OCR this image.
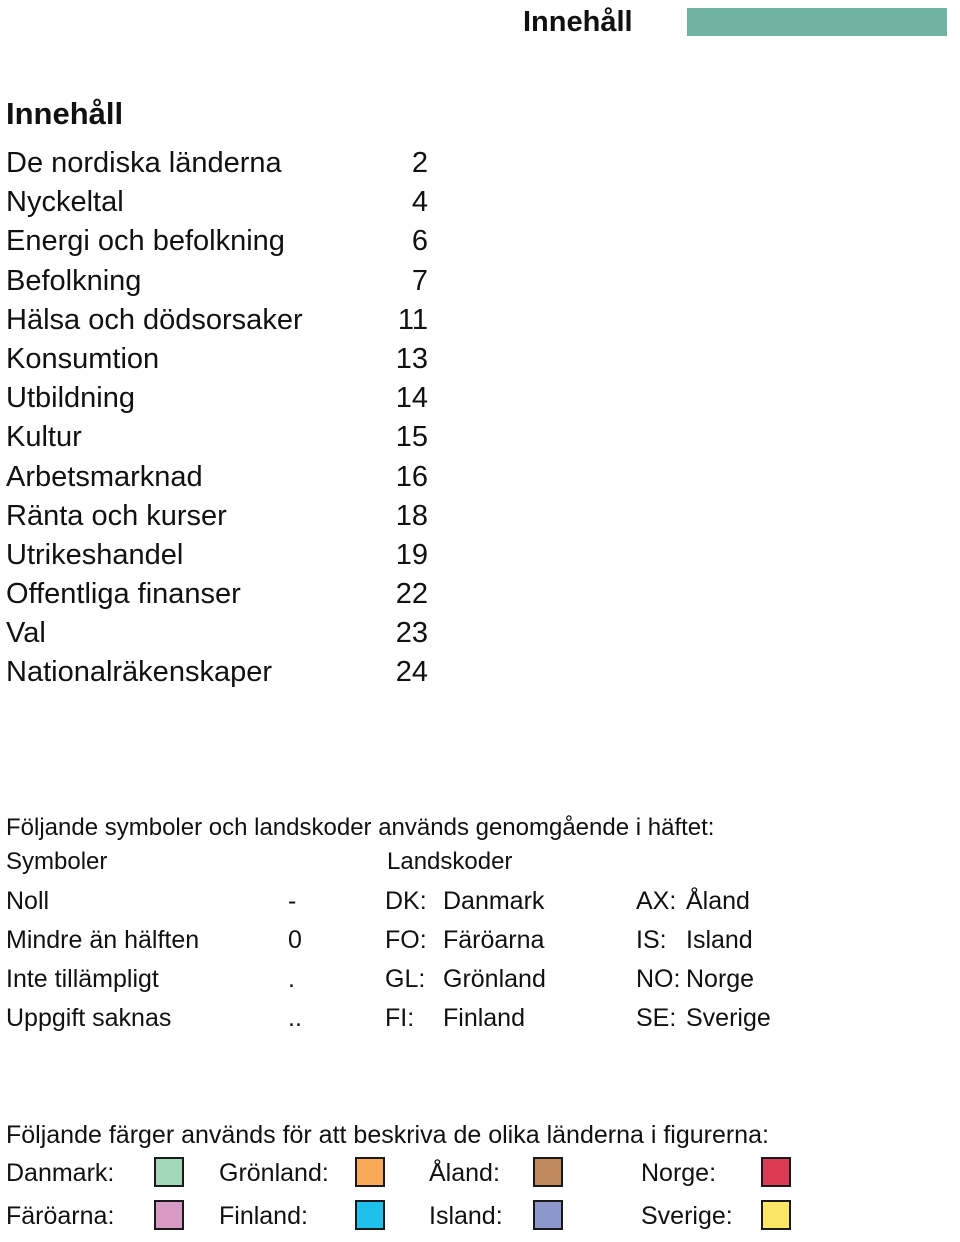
Innehåll
Innehåll
De nordiska länderna	2
Nyckeltal	4
Energi och befolkning	6
Befolkning	7
Hälsa och dödsorsaker	11
Konsumtion	13
Utbildning	14
Kultur	15
Arbetsmarknad	16
Ränta och kurser	18
Utrikeshandel	19
Offentliga finanser	22
Val	23
Nationalräkenskaper	24
Följande symboler och landskoder används genomgående i häftet:
Symboler	Landskoder
Noll	-	DK: Danmark	AX: Åland
Mindre än hälften	0	FO: Färöarna	IS: Island
Inte tillämpligt	.	GL: Grönland	NO: Norge
Uppgift saknas	..	FI: Finland	SE: Sverige
Följande färger används för att beskriva de olika länderna i figurerna:
Danmark:	Grönland:	Åland:	Norge:
Färöarna:	Finland:	Island:	Sverige:
